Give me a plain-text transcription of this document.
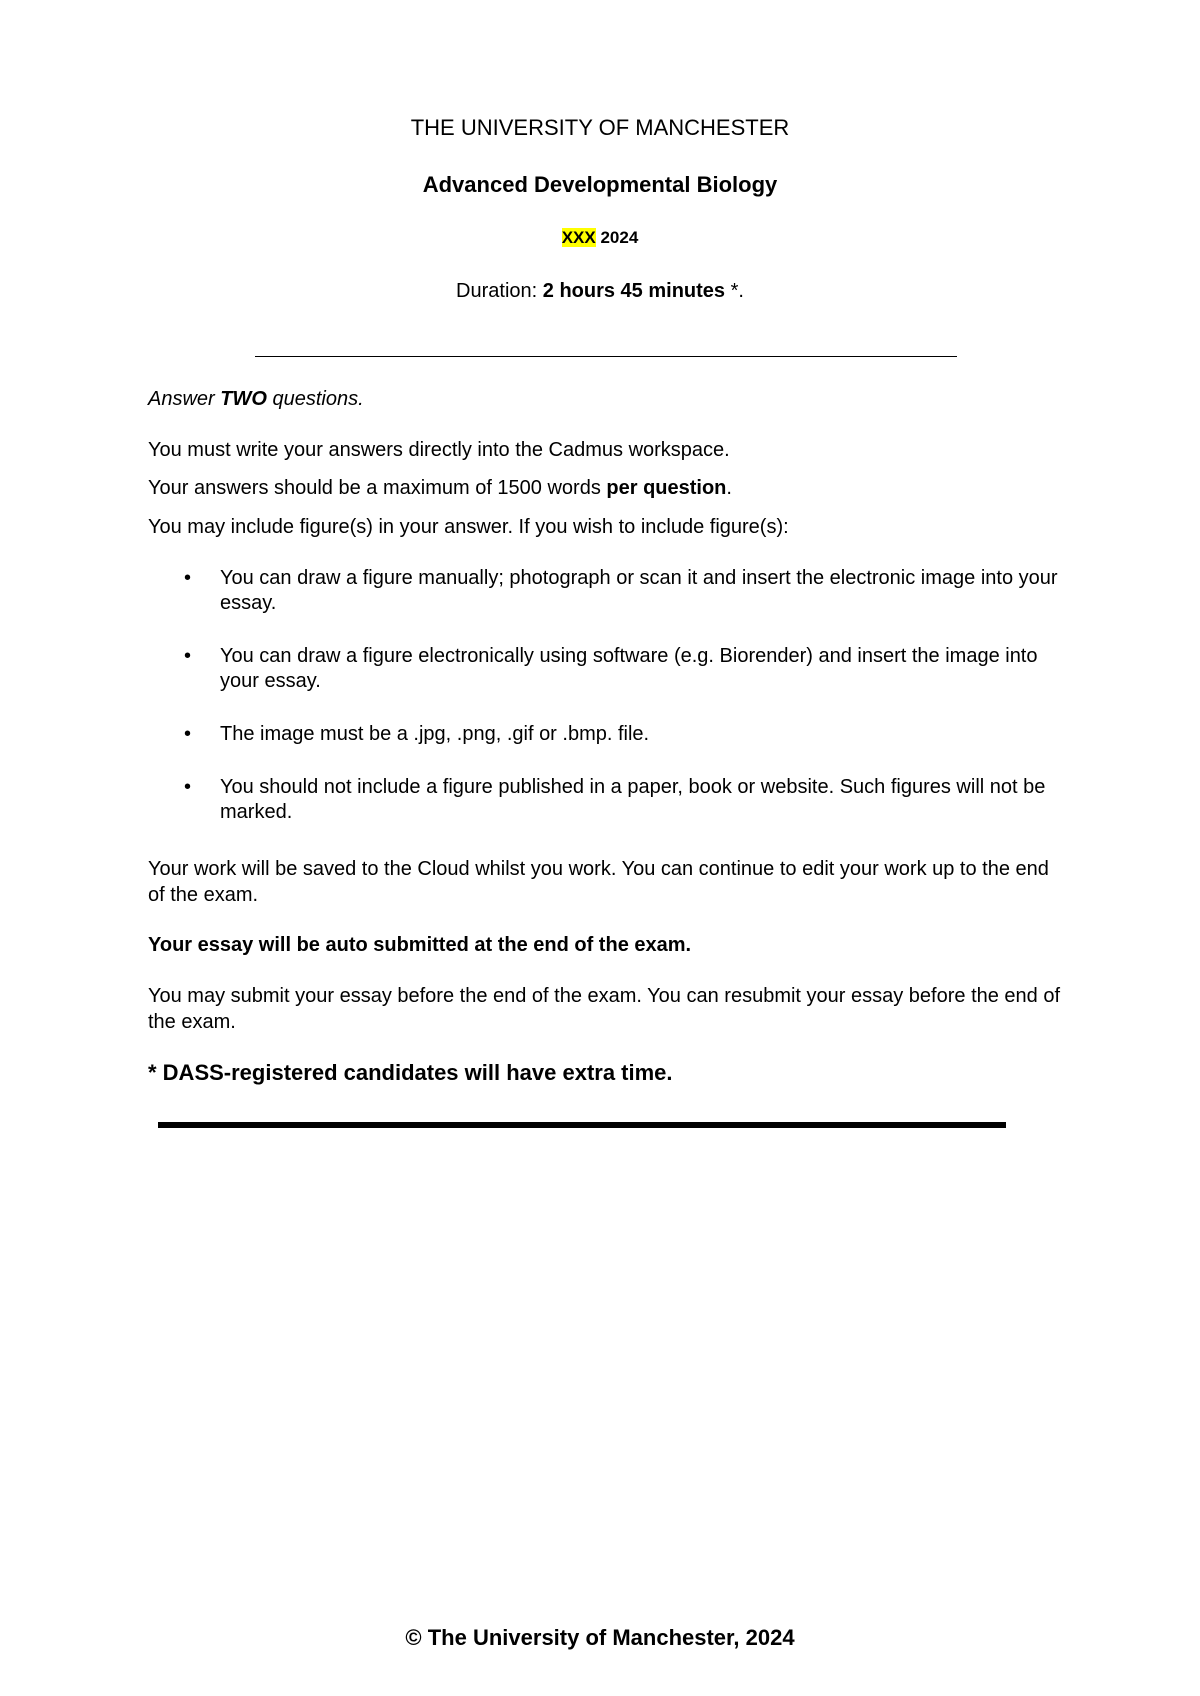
THE UNIVERSITY OF MANCHESTER
Advanced Developmental Biology
XXX 2024
Duration: 2 hours 45 minutes *.
Answer TWO questions.
You must write your answers directly into the Cadmus workspace.
Your answers should be a maximum of 1500 words per question.
You may include figure(s) in your answer. If you wish to include figure(s):
• You can draw a figure manually; photograph or scan it and insert the electronic image into your essay.
• You can draw a figure electronically using software (e.g. Biorender) and insert the image into your essay.
• The image must be a .jpg, .png, .gif or .bmp. file.
• You should not include a figure published in a paper, book or website. Such figures will not be marked.
Your work will be saved to the Cloud whilst you work. You can continue to edit your work up to the end of the exam.
Your essay will be auto submitted at the end of the exam.
You may submit your essay before the end of the exam. You can resubmit your essay before the end of the exam.
* DASS-registered candidates will have extra time.
© The University of Manchester, 2024
